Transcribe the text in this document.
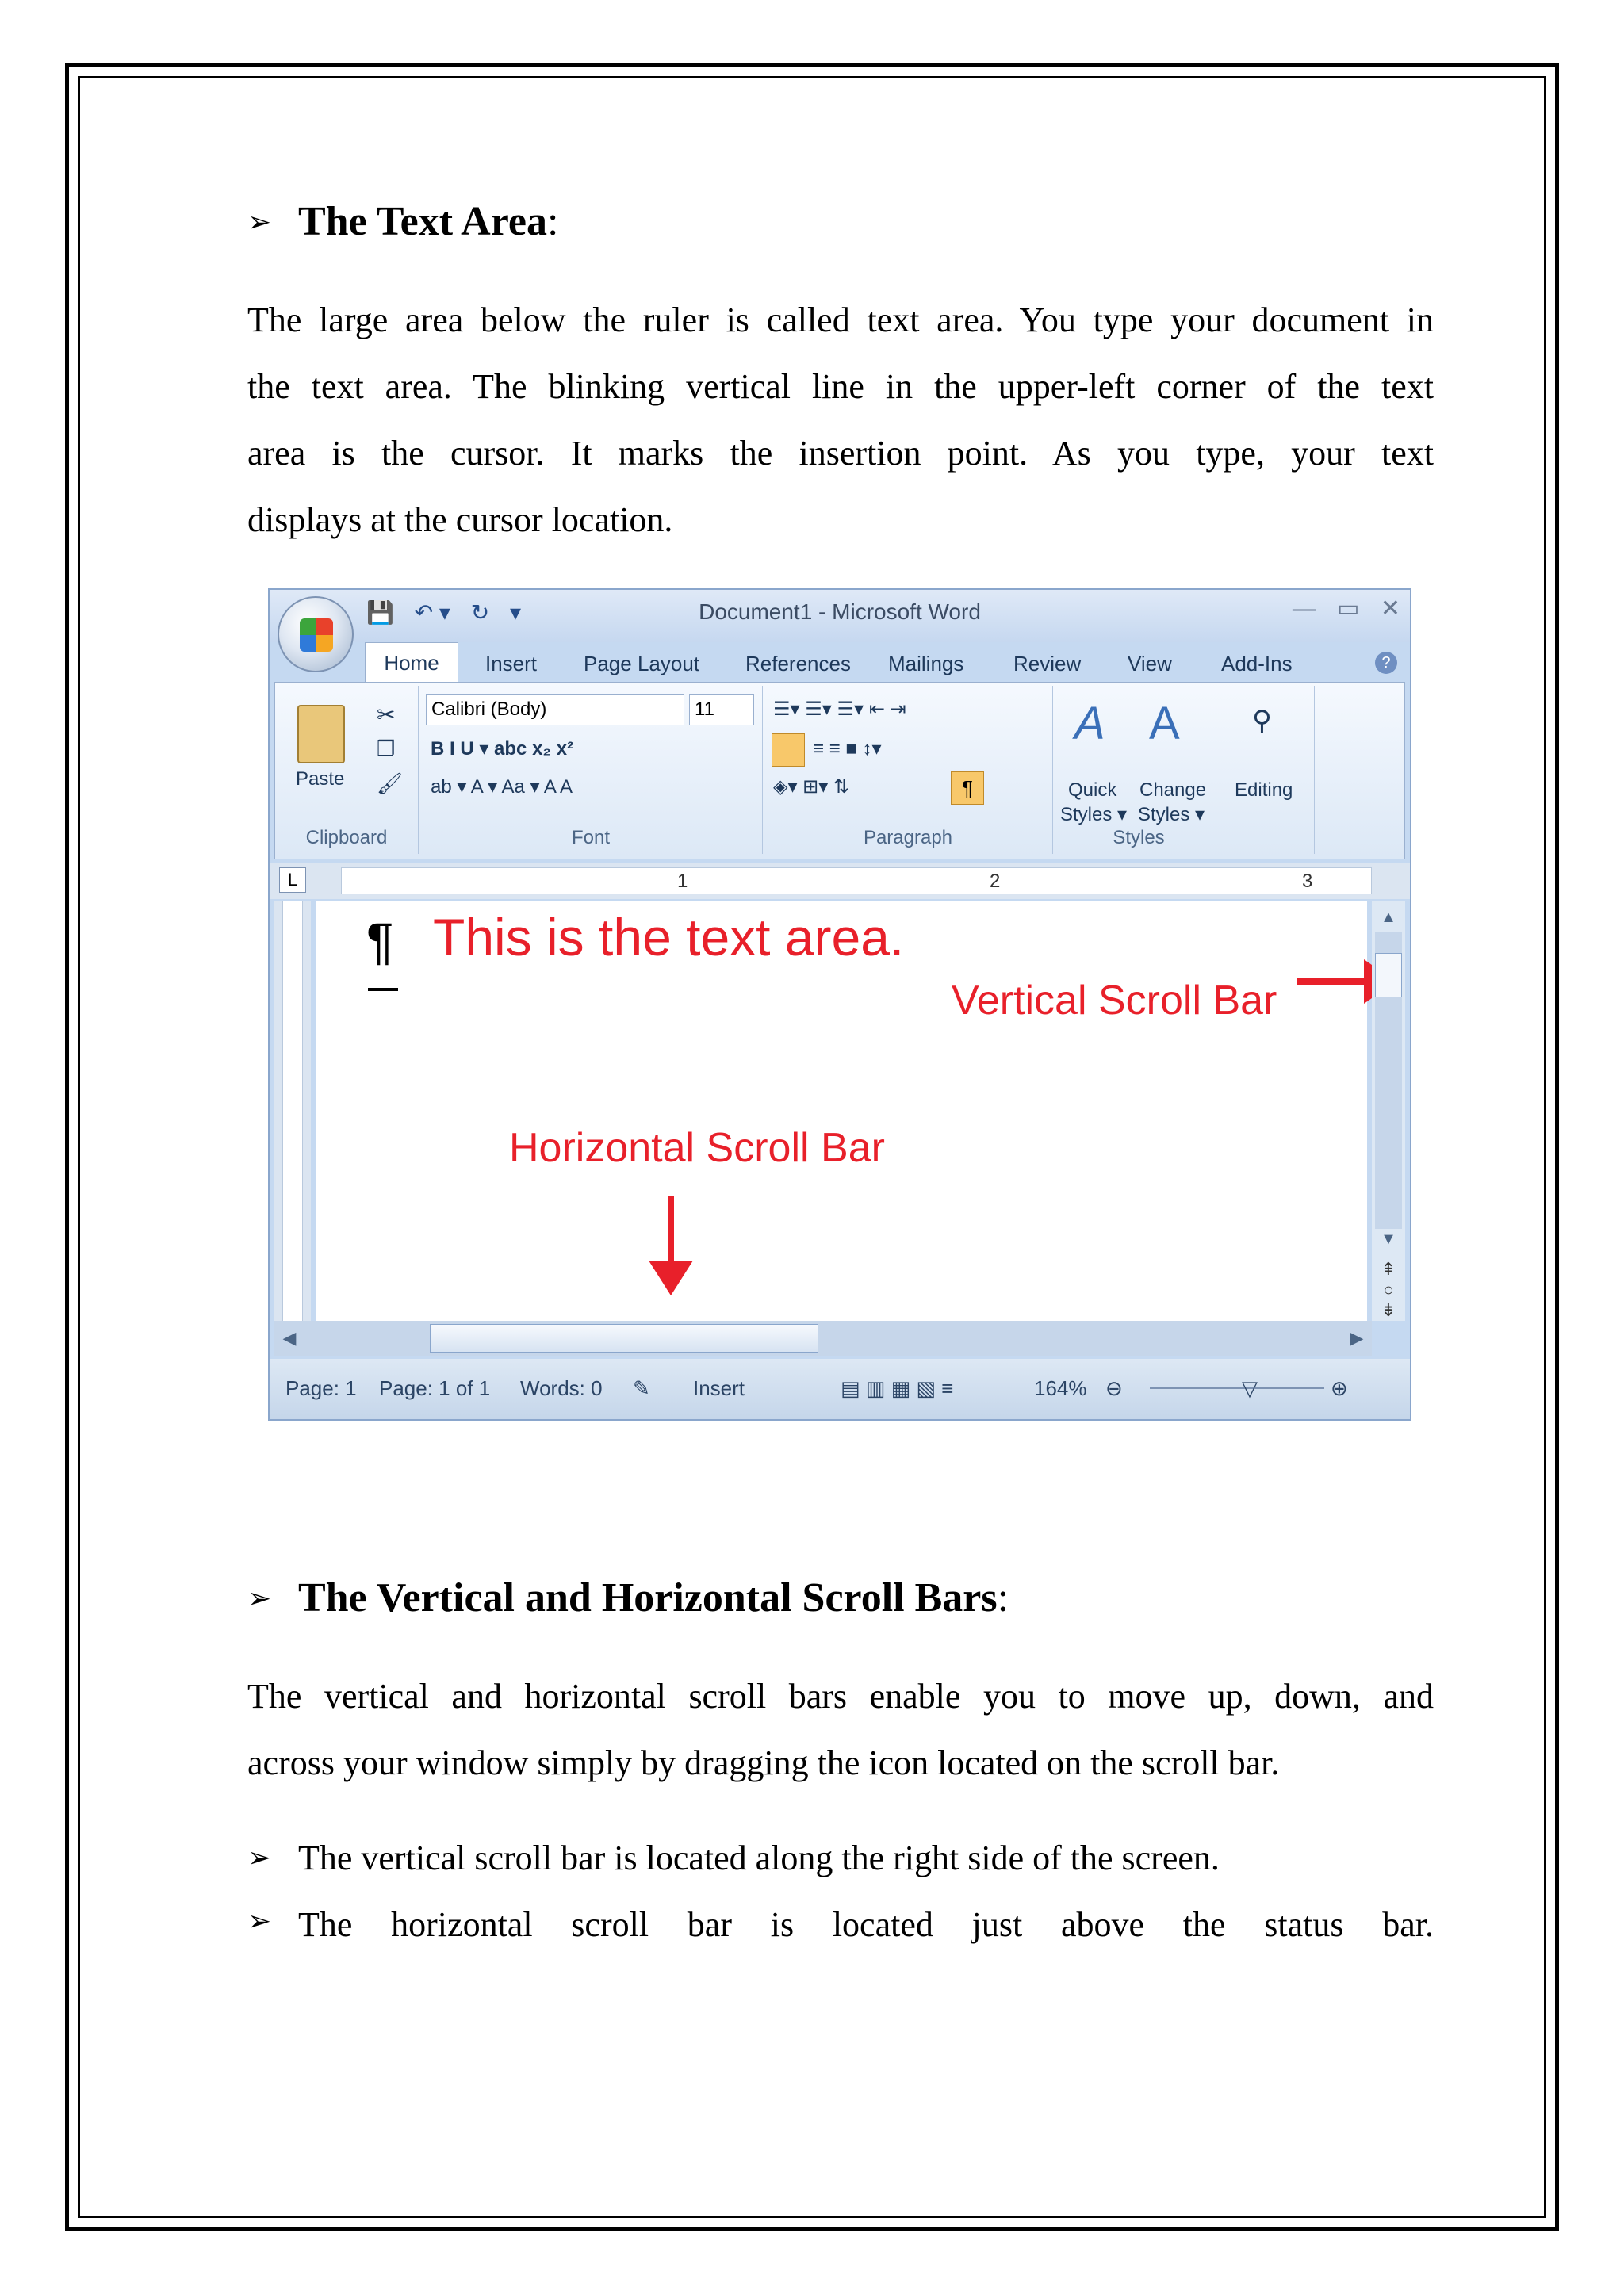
➢ The Text Area:
The large area below the ruler is called text area. You type your document in
the text area. The blinking vertical line in the upper-left corner of the text
area is the cursor. It marks the insertion point. As you type, your text
displays at the cursor location.
💾 ↶ ▾ ↻ ▾	Document1 - Microsoft Word	— ▭ ✕
Home	Insert Page Layout References Mailings Review View Add-Ins	?
Paste
✂
❐
🖌
Clipboard
Calibri (Body)	11
B I U ▾ abc x₂ x²
ab ▾ A ▾ Aa ▾ A A
Font
☰▾ ☰▾ ☰▾ ⇤ ⇥
≡ ≡ ■ ↕▾
◈▾ ⊞▾ ⇅	¶
Paragraph
A A
Quick
Styles ▾
Change
Styles ▾
Styles
⚲
Editing
L	1	2	3
¶ This is the text area.
Vertical Scroll Bar
Horizontal Scroll Bar
▲
▼
⇞
○
⇟
◀	▶
Page: 1 Page: 1 of 1 Words: 0 ✎ Insert	▤ ▥ ▦ ▧ ≡	164% ⊖	▽	⊕
➢ The Vertical and Horizontal Scroll Bars:
The vertical and horizontal scroll bars enable you to move up, down, and
across your window simply by dragging the icon located on the scroll bar.
➢ The vertical scroll bar is located along the right side of the screen.
➢ The horizontal scroll bar is located just above the status bar.
